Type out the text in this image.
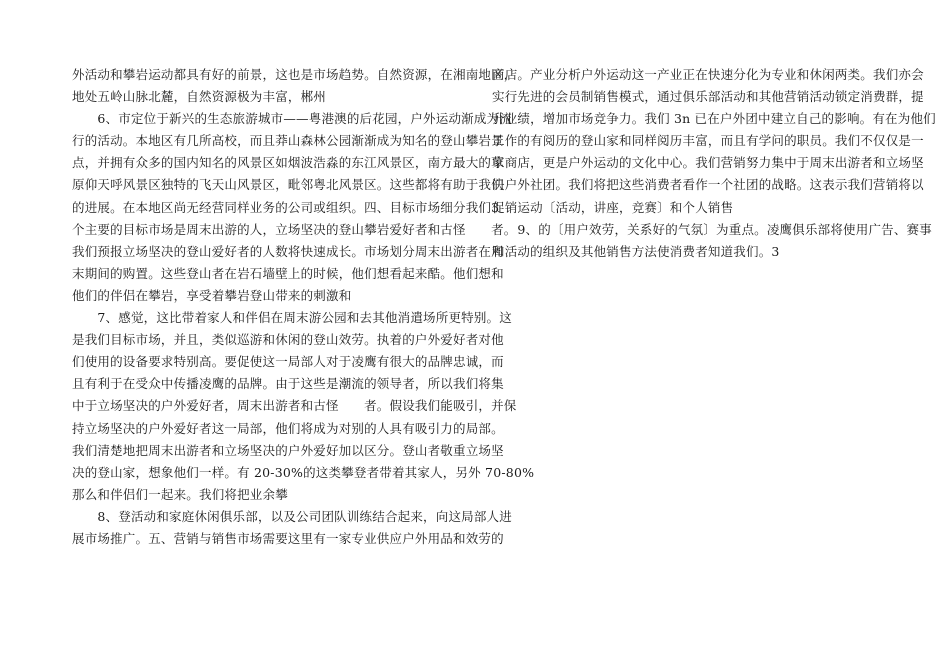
外活动和攀岩运动都具有好的前景，这也是市场趋势。自然资源，在湘南地区，
地处五岭山脉北麓，自然资源极为丰富，郴州
　　6、市定位于新兴的生态旅游城市——粤港澳的后花园，户外运动渐成为流
行的活动。本地区有几所高校，而且莽山森林公园渐渐成为知名的登山攀岩景
点，并拥有众多的国内知名的风景区如烟波浩淼的东江风景区，南方最大的草
原仰天呼风景区独特的飞天山风景区，毗邻粤北风景区。这些都将有助于我们
的进展。在本地区尚无经营同样业务的公司或组织。四、目标市场细分我们3
个主要的目标市场是周末出游的人，立场坚决的登山攀岩爱好者和古怪　　者。
我们预报立场坚决的登山爱好者的人数将快速成长。市场划分周末出游者在周
末期间的购置。这些登山者在岩石墙壁上的时候，他们想看起来酷。他们想和
他们的伴侣在攀岩，享受着攀岩登山带来的刺激和
　　7、感觉，这比带着家人和伴侣在周末游公园和去其他消遣场所更特别。这
是我们目标市场，并且，类似巡游和休闲的登山效劳。执着的户外爱好者对他
们使用的设备要求特别高。要促使这一局部人对于凌鹰有很大的品牌忠诚，而
且有利于在受众中传播凌鹰的品牌。由于这些是潮流的领导者，所以我们将集
中于立场坚决的户外爱好者，周末出游者和古怪　　者。假设我们能吸引，并保
持立场坚决的户外爱好者这一局部，他们将成为对别的人具有吸引力的局部。
我们清楚地把周末出游者和立场坚决的户外爱好加以区分。登山者敬重立场坚
决的登山家，想象他们一样。有 20-30%的这类攀登者带着其家人，另外 70-80%
那么和伴侣们一起来。我们将把业余攀
　　8、登活动和家庭休闲俱乐部，以及公司团队训练结合起来，向这局部人进
展市场推广。五、营销与销售市场需要这里有一家专业供应户外用品和效劳的
商店。产业分析户外运动这一产业正在快速分化为专业和休闲两类。我们亦会
实行先进的会员制销售模式，通过俱乐部活动和其他营销活动锁定消费群，提
升业绩，增加市场竞争力。我们 3n 已在户外团中建立自己的影响。有在为他们
工作的有阅历的登山家和同样阅历丰富，而且有学问的职员。我们不仅仅是一
家商店，更是户外运动的文化中心。我们营销努力集中于周末出游者和立场坚
决户外社团。我们将把这些消费者看作一个社团的战略。这表示我们营销将以
促销运动〔活动，讲座，竞赛〕和个人销售
　　9、的〔用户效劳，关系好的气氛〕为重点。凌鹰俱乐部将使用广告、赛事
和活动的组织及其他销售方法使消费者知道我们。3
